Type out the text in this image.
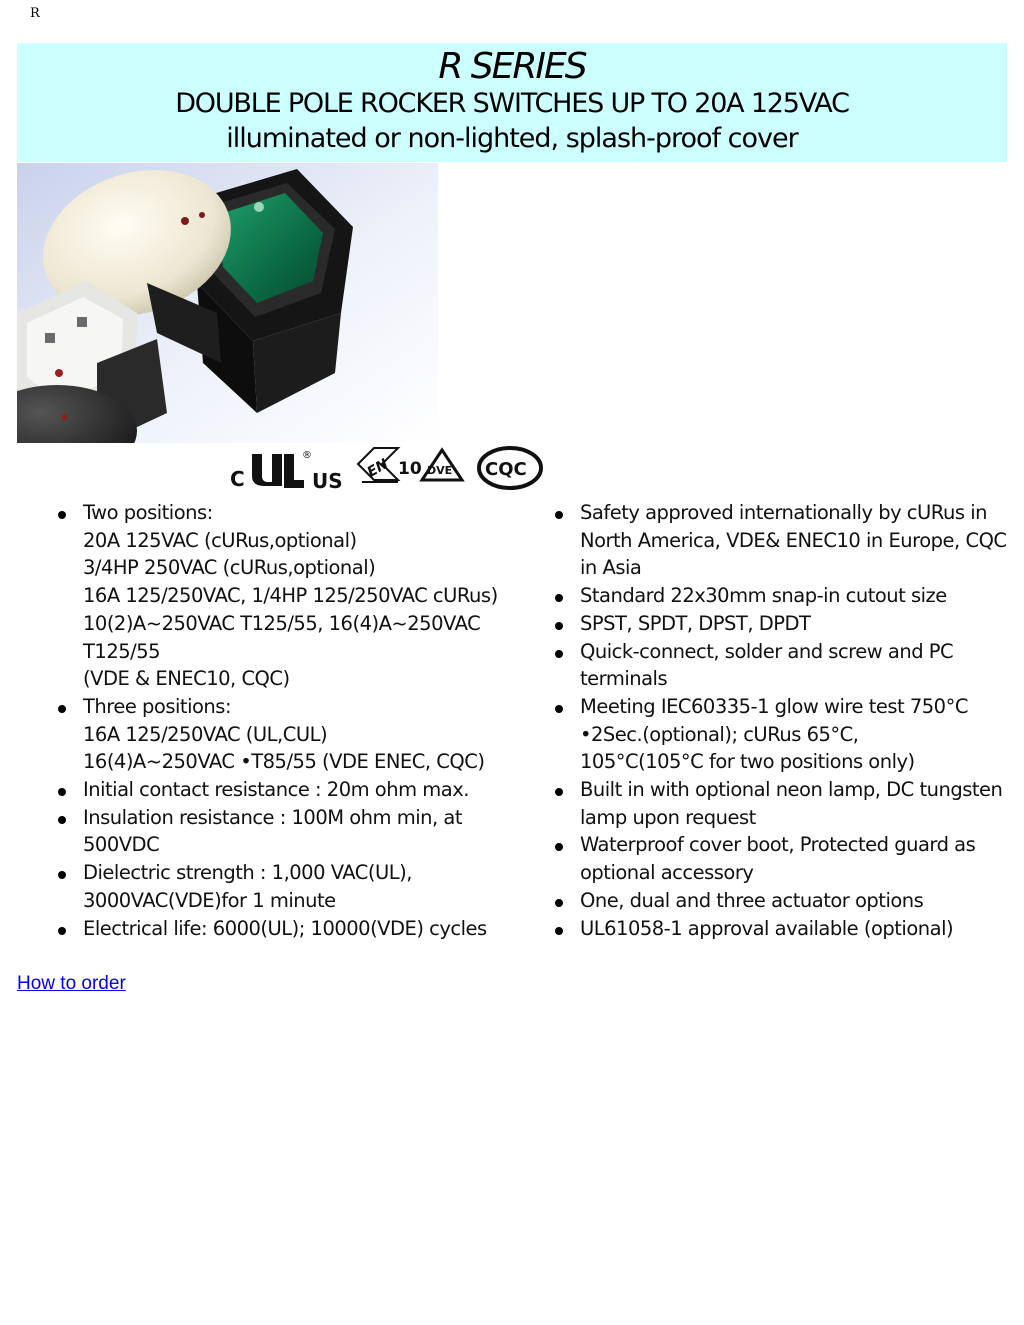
R
R SERIES
DOUBLE POLE ROCKER SWITCHES UP TO 20A 125VAC
illuminated or non-lighted, splash-proof cover
C
®
US
EN 10 DVE CQC
Two positions:
20A 125VAC (cURus,optional)
3/4HP 250VAC (cURus,optional)
16A 125/250VAC, 1/4HP 125/250VAC cURus)
10(2)A~250VAC T125/55, 16(4)A~250VAC
T125/55
(VDE & ENEC10, CQC)
Three positions:
16A 125/250VAC (UL,CUL)
16(4)A~250VAC •T85/55 (VDE ENEC, CQC)
Initial contact resistance : 20m ohm max.
Insulation resistance : 100M ohm min, at
500VDC
Dielectric strength : 1,000 VAC(UL),
3000VAC(VDE)for 1 minute
Electrical life: 6000(UL); 10000(VDE) cycles
Safety approved internationally by cURus in
North America, VDE& ENEC10 in Europe, CQC
in Asia
Standard 22x30mm snap-in cutout size
SPST, SPDT, DPST, DPDT
Quick-connect, solder and screw and PC
terminals
Meeting IEC60335-1 glow wire test 750°C
•2Sec.(optional); cURus 65°C,
105°C(105°C for two positions only)
Built in with optional neon lamp, DC tungsten
lamp upon request
Waterproof cover boot, Protected guard as
optional accessory
One, dual and three actuator options
UL61058-1 approval available (optional)
How to order
